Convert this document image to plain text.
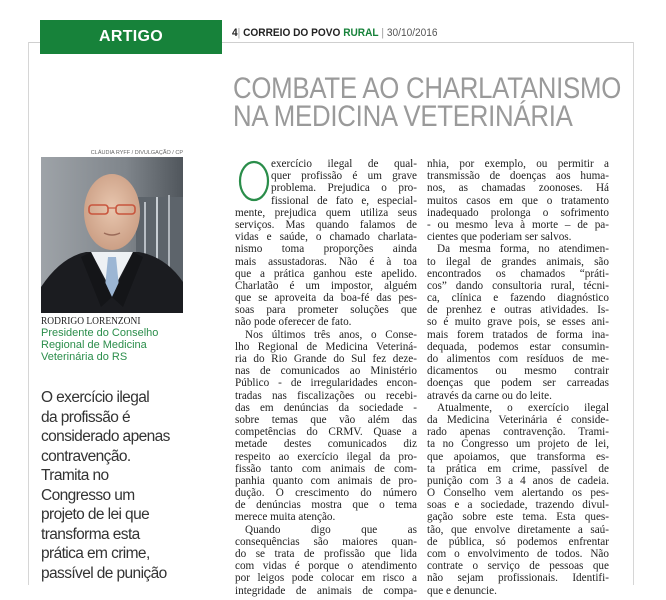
ARTIGO	4| CORREIO DO POVO RURAL | 30/10/2016
COMBATE AO CHARLATANISMO
NA MEDICINA VETERINÁRIA
CLÁUDIA RYFF / DIVULGAÇÃO / CP
RODRIGO LORENZONI
Presidente do Conselho
Regional de Medicina
Veterinária do RS
O exercício ilegal
da profissão é
considerado apenas
contravenção.
Tramita no
Congresso um
projeto de lei que
transforma esta
prática em crime,
passível de punição
O
exercício ilegal de qual-
quer profissão é um grave
problema. Prejudica o pro-
fissional de fato e, especial-
mente, prejudica quem utiliza seus
serviços. Mas quando falamos de
vidas e saúde, o chamado charlata-
nismo toma proporções ainda
mais assustadoras. Não é à toa
que a prática ganhou este apelido.
Charlatão é um impostor, alguém
que se aproveita da boa-fé das pes-
soas para prometer soluções que
não pode oferecer de fato.
Nos últimos três anos, o Conse-
lho Regional de Medicina Veteriná-
ria do Rio Grande do Sul fez deze-
nas de comunicados ao Ministério
Público - de irregularidades encon-
tradas nas fiscalizações ou recebi-
das em denúncias da sociedade -
sobre temas que vão além das
competências do CRMV. Quase a
metade destes comunicados diz
respeito ao exercício ilegal da pro-
fissão tanto com animais de com-
panhia quanto com animais de pro-
dução. O crescimento do número
de denúncias mostra que o tema
merece muita atenção.
Quando digo que as
consequências são maiores quan-
do se trata de profissão que lida
com vidas é porque o atendimento
por leigos pode colocar em risco a
integridade de animais de compa-
nhia, por exemplo, ou permitir a
transmissão de doenças aos huma-
nos, as chamadas zoonoses. Há
muitos casos em que o tratamento
inadequado prolonga o sofrimento
- ou mesmo leva à morte – de pa-
cientes que poderiam ser salvos.
Da mesma forma, no atendimen-
to ilegal de grandes animais, são
encontrados os chamados “práti-
cos” dando consultoria rural, técni-
ca, clínica e fazendo diagnóstico
de prenhez e outras atividades. Is-
so é muito grave pois, se esses ani-
mais forem tratados de forma ina-
dequada, podemos estar consumin-
do alimentos com resíduos de me-
dicamentos ou mesmo contrair
doenças que podem ser carreadas
através da carne ou do leite.
Atualmente, o exercício ilegal
da Medicina Veterinária é conside-
rado apenas contravenção. Trami-
ta no Congresso um projeto de lei,
que apoiamos, que transforma es-
ta prática em crime, passível de
punição com 3 a 4 anos de cadeia.
O Conselho vem alertando os pes-
soas e a sociedade, trazendo divul-
gação sobre este tema. Esta ques-
tão, que envolve diretamente a saú-
de pública, só podemos enfrentar
com o envolvimento de todos. Não
contrate o serviço de pessoas que
não sejam profissionais. Identifi-
que e denuncie.
